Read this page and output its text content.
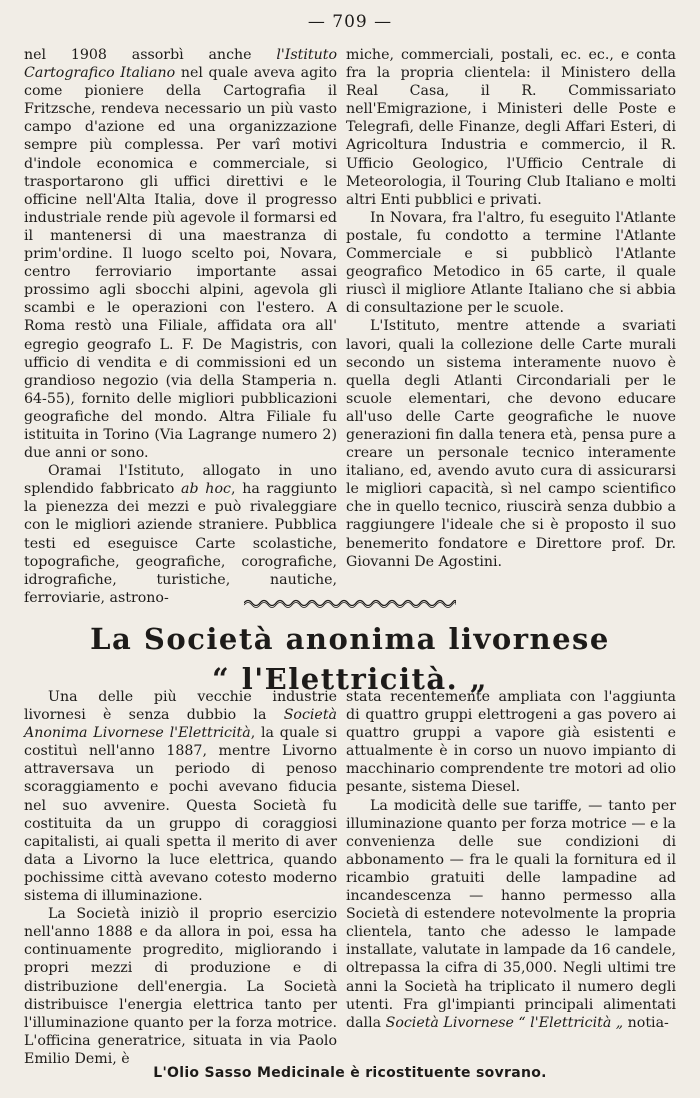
— 709 —

nel 1908 assorbì anche l'Istituto Cartografico Italiano nel quale aveva agito come pioniere della Cartografia il Fritzsche, rendeva necessario un più vasto campo d'azione ed una organizzazione sempre più complessa. Per varî motivi d'indole economica e commerciale, si trasportarono gli uffici direttivi e le officine nell'Alta Italia, dove il progresso industriale rende più agevole il formarsi ed il mantenersi di una maestranza di prim'ordine. Il luogo scelto poi, Novara, centro ferroviario importante assai prossimo agli sbocchi alpini, agevola gli scambi e le operazioni con l'estero. A Roma restò una Filiale, affidata ora all' egregio geografo L. F. De Magistris, con ufficio di vendita e di commissioni ed un grandioso negozio (via della Stamperia n. 64-55), fornito delle migliori pubblicazioni geografiche del mondo. Altra Filiale fu istituita in Torino (Via Lagrange numero 2) due anni or sono.

Oramai l'Istituto, allogato in uno splendido fabbricato ab hoc, ha raggiunto la pienezza dei mezzi e può rivaleggiare con le migliori aziende straniere. Pubblica testi ed eseguisce Carte scolastiche, topografiche, geografiche, corografiche, idrografiche, turistiche, nautiche, ferroviarie, astrono-

miche, commerciali, postali, ec. ec., e conta fra la propria clientela: il Ministero della Real Casa, il R. Commissariato nell'Emigrazione, i Ministeri delle Poste e Telegrafi, delle Finanze, degli Affari Esteri, di Agricoltura Industria e commercio, il R. Ufficio Geologico, l'Ufficio Centrale di Meteorologia, il Touring Club Italiano e molti altri Enti pubblici e privati.

In Novara, fra l'altro, fu eseguito l'Atlante postale, fu condotto a termine l'Atlante Commerciale e si pubblicò l'Atlante geografico Metodico in 65 carte, il quale riuscì il migliore Atlante Italiano che si abbia di consultazione per le scuole.

L'Istituto, mentre attende a svariati lavori, quali la collezione delle Carte murali secondo un sistema interamente nuovo è quella degli Atlanti Circondariali per le scuole elementari, che devono educare all'uso delle Carte geografiche le nuove generazioni fin dalla tenera età, pensa pure a creare un personale tecnico interamente italiano, ed, avendo avuto cura di assicurarsi le migliori capacità, sì nel campo scientifico che in quello tecnico, riuscirà senza dubbio a raggiungere l'ideale che si è proposto il suo benemerito fondatore e Direttore prof. Dr. Giovanni De Agostini.

La Società anonima livornese
“ l'Elettricità. „

Una delle più vecchie industrie livornesi è senza dubbio la Società Anonima Livornese l'Elettricità, la quale si costituì nell'anno 1887, mentre Livorno attraversava un periodo di penoso scoraggiamento e pochi avevano fiducia nel suo avvenire. Questa Società fu costituita da un gruppo di coraggiosi capitalisti, ai quali spetta il merito di aver data a Livorno la luce elettrica, quando pochissime città avevano cotesto moderno sistema di illuminazione.

La Società iniziò il proprio esercizio nell'anno 1888 e da allora in poi, essa ha continuamente progredito, migliorando i propri mezzi di produzione e di distribuzione dell'energia. La Società distribuisce l'energia elettrica tanto per l'illuminazione quanto per la forza motrice. L'officina generatrice, situata in via Paolo Emilio Demi, è

stata recentemente ampliata con l'aggiunta di quattro gruppi elettrogeni a gas povero ai quattro gruppi a vapore già esistenti e attualmente è in corso un nuovo impianto di macchinario comprendente tre motori ad olio pesante, sistema Diesel.

La modicità delle sue tariffe, — tanto per illuminazione quanto per forza motrice — e la convenienza delle sue condizioni di abbonamento — fra le quali la fornitura ed il ricambio gratuiti delle lampadine ad incandescenza — hanno permesso alla Società di estendere notevolmente la propria clientela, tanto che adesso le lampade installate, valutate in lampade da 16 candele, oltrepassa la cifra di 35,000. Negli ultimi tre anni la Società ha triplicato il numero degli utenti. Fra gl'impianti principali alimentati dalla Società Livornese “ l'Elettricità „ notia-

L'Olio Sasso Medicinale è ricostituente sovrano.
